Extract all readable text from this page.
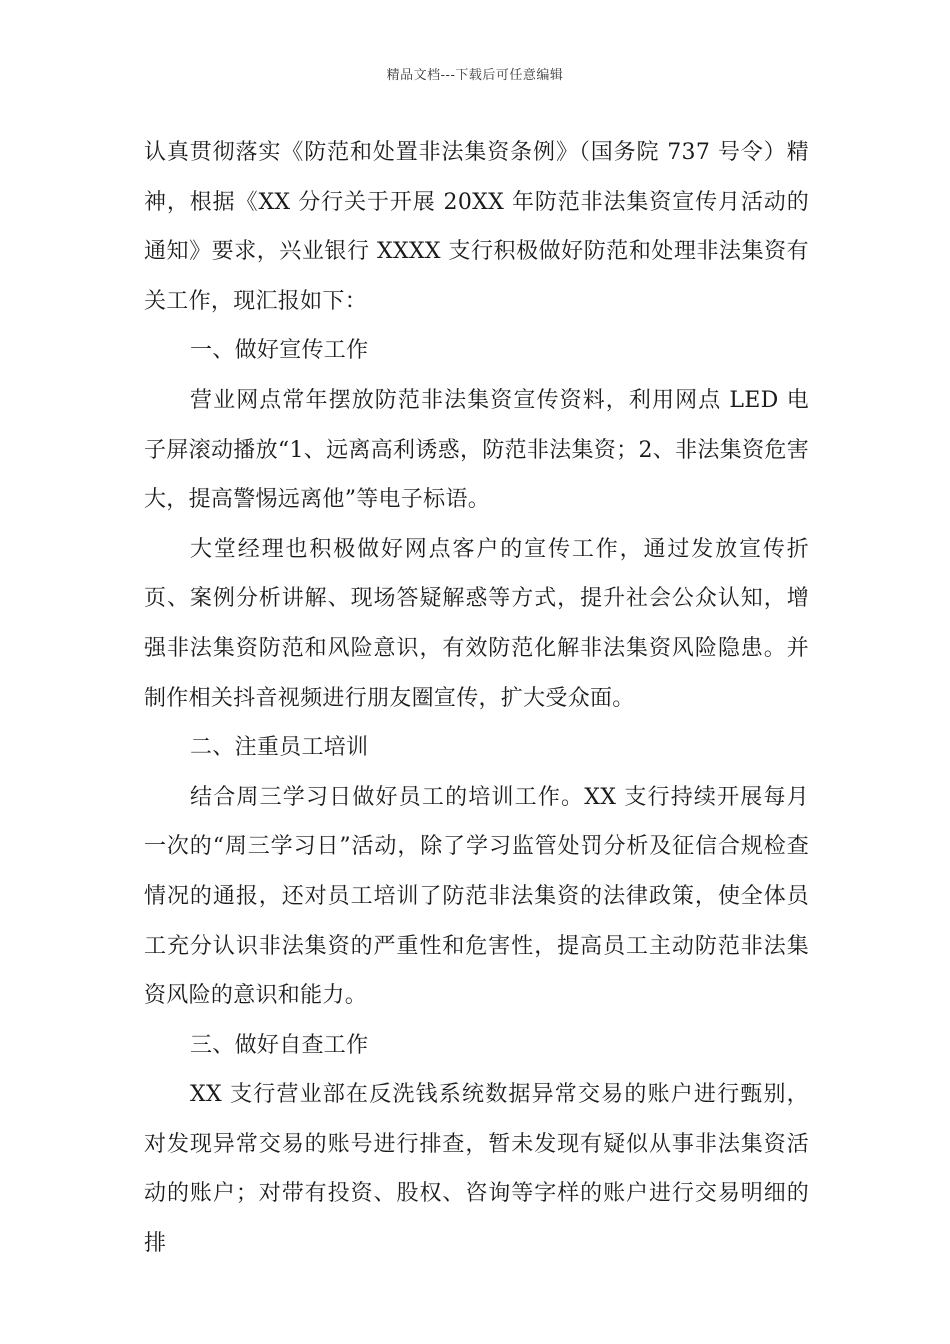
精品文档---下载后可任意编辑

认真贯彻落实《防范和处置非法集资条例》（国务院 737 号令）精神，根据《XX 分行关于开展 20XX 年防范非法集资宣传月活动的通知》要求，兴业银行 XXXX 支行积极做好防范和处理非法集资有关工作，现汇报如下：

一、做好宣传工作

营业网点常年摆放防范非法集资宣传资料，利用网点 LED 电子屏滚动播放“1、远离高利诱惑，防范非法集资；2、非法集资危害大，提高警惕远离他”等电子标语。

大堂经理也积极做好网点客户的宣传工作，通过发放宣传折页、案例分析讲解、现场答疑解惑等方式，提升社会公众认知，增强非法集资防范和风险意识，有效防范化解非法集资风险隐患。并制作相关抖音视频进行朋友圈宣传，扩大受众面。

二、注重员工培训

结合周三学习日做好员工的培训工作。XX 支行持续开展每月一次的“周三学习日”活动，除了学习监管处罚分析及征信合规检查情况的通报，还对员工培训了防范非法集资的法律政策，使全体员工充分认识非法集资的严重性和危害性，提高员工主动防范非法集资风险的意识和能力。

三、做好自查工作

XX 支行营业部在反洗钱系统数据异常交易的账户进行甄别，对发现异常交易的账号进行排查，暂未发现有疑似从事非法集资活动的账户；对带有投资、股权、咨询等字样的账户进行交易明细的排
